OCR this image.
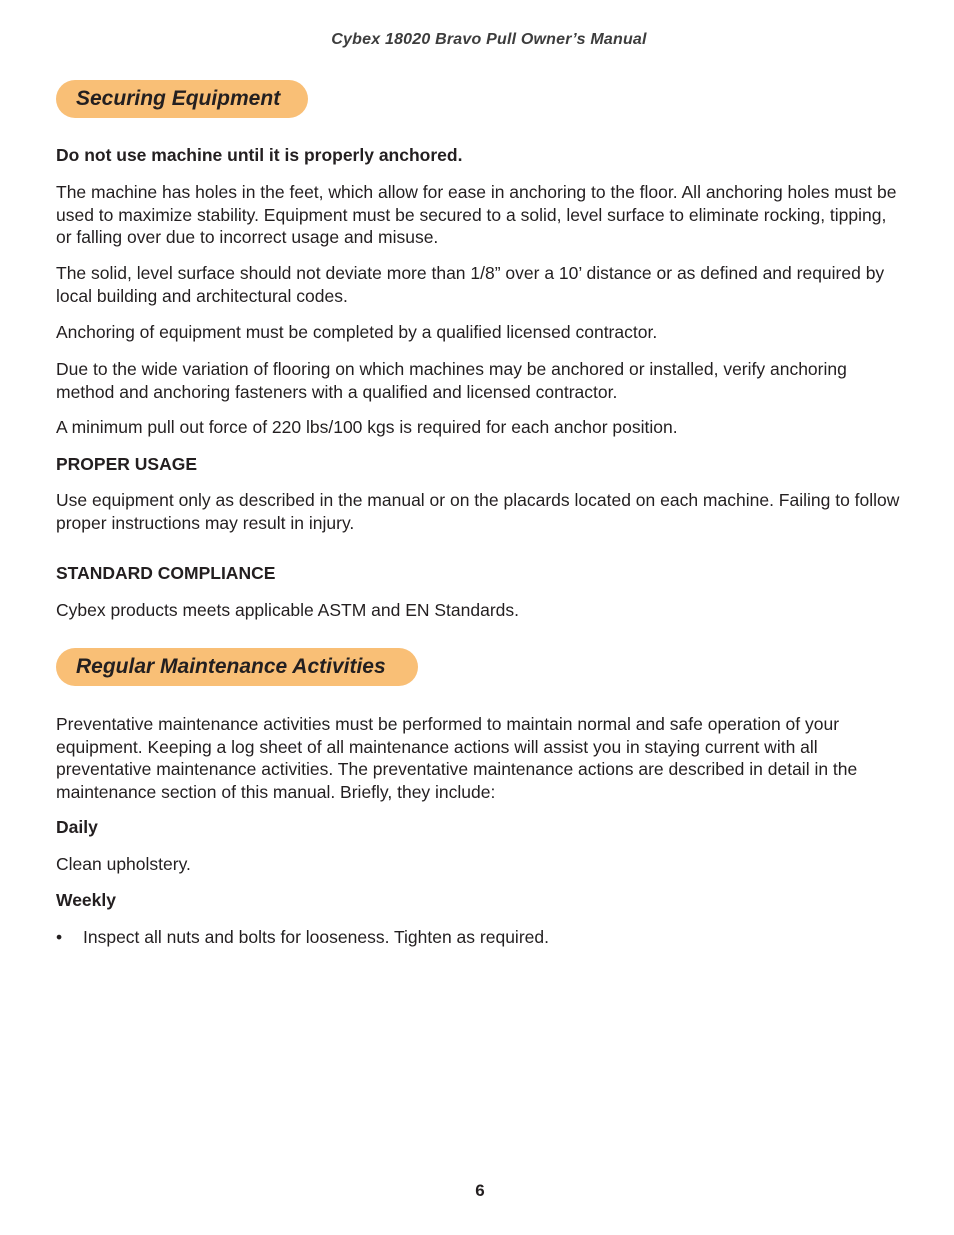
Cybex 18020 Bravo Pull Owner’s Manual
Securing Equipment
Do not use machine until it is properly anchored.
The machine has holes in the feet, which allow for ease in anchoring to the floor. All anchoring holes must be used to maximize stability. Equipment must be secured to a solid, level surface to eliminate rocking, tipping, or falling over due to incorrect usage and misuse.
The solid, level surface should not deviate more than 1/8” over a 10’ distance or as defined and required by local building and architectural codes.
Anchoring of equipment must be completed by a qualified licensed contractor.
Due to the wide variation of flooring on which machines may be anchored or installed, verify anchoring method and anchoring fasteners with a qualified and licensed contractor.
A minimum pull out force of 220 lbs/100 kgs is required for each anchor position.
PROPER USAGE
Use equipment only as described in the manual or on the placards located on each machine. Failing to follow proper instructions may result in injury.
STANDARD COMPLIANCE
Cybex products meets applicable ASTM and EN Standards.
Regular Maintenance Activities
Preventative maintenance activities must be performed to maintain normal and safe operation of your equipment. Keeping a log sheet of all maintenance actions will assist you in staying current with all preventative maintenance activities. The preventative maintenance actions are described in detail in the maintenance section of this manual. Briefly, they include:
Daily
Clean upholstery.
Weekly
• Inspect all nuts and bolts for looseness. Tighten as required.
6
